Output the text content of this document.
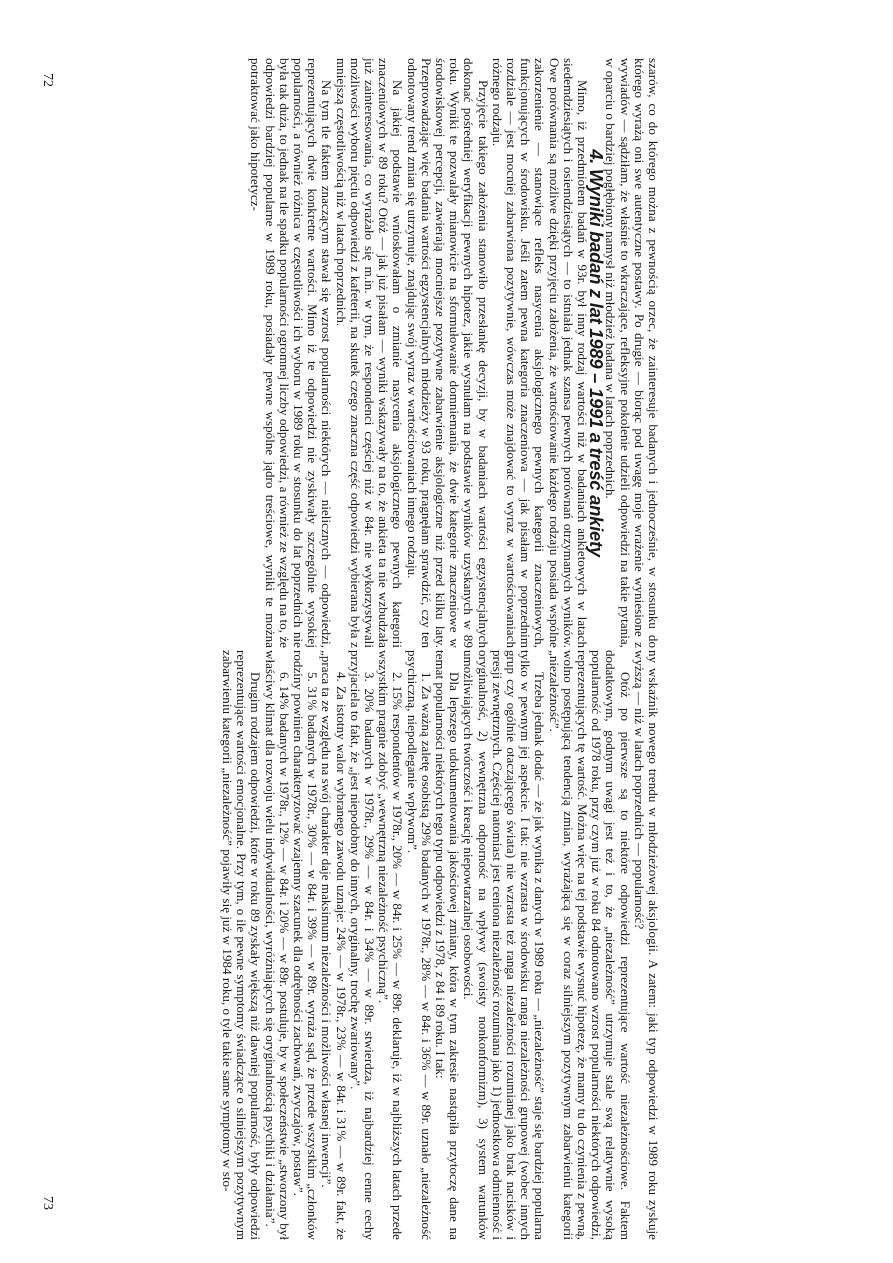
szarów, co do którego można z pewnością orzec, że zainteresuje badanych i jednocześnie, w stosunku do którego wyrażą oni swe autentyczne postawy. Po drugie — biorąc pod uwagę moje wrażenie wyniesione z wywiadów — sądziłam, że właśnie to wkraczające, refleksyjne pokolenie udzieli odpowiedzi na takie pytania, w oparciu o bardziej pogłębiony namysł niż młodzież badana w latach poprzednich.

4. Wyniki badań z lat 1989 – 1991 a treść ankiety

Mimo, iż przedmiotem badań w 93r. był inny rodzaj wartości niż w badaniach ankietowych w latach siedemdziesiątych i osiemdziesiątych — to istniała jednak szansa pewnych porównań otrzymanych wyników. Owe porównania są możliwe dzięki przyjęciu założenia, że wartościowanie każdego rodzaju posiada wspólne zakorzenienie — stanowiące refleks nasycenia aksjologicznego pewnych kategorii znaczeniowych, funkcjonujących w środowisku. Jeśli zatem pewna kategoria znaczeniowa — jak pisałam w poprzednim rozdziale — jest mocniej zabarwiona pozytywnie, wówczas może znajdować to wyraz w wartościowaniach różnego rodzaju.

Przyjęcie takiego założenia stanowiło przesłankę decyzji, by w badaniach wartości egzystencjalnych dokonać pośredniej weryfikacji pewnych hipotez, jakie wysnułam na podstawie wyników uzyskanych w 89 roku. Wyniki te pozwalały mianowicie na sformułowanie domniemania, że dwie kategorie znaczeniowe w środowiskowej percepcji, zawierają mocniejsze pozytywne zabarwienie aksjologiczne niż przed kilku laty. Przeprowadzając więc badania wartości egzystencjalnych młodzieży w 93 roku, pragnęłam sprawdzić, czy ten odnotowany trend zmian się utrzymuje, znajdując swój wyraz w wartościowaniach innego rodzaju.

Na jakiej podstawie wnioskowałam o zmianie nasycenia aksjologicznego pewnych kategorii znaczeniowych w 89 roku? Otóż — jak już pisałam — wyniki wskazywały na to, że ankieta ta nie wzbudzała już zainteresowania, co wyrażało się m.in. w tym, że respondenci częściej niż w 84r. nie wykorzystywali możliwości wyboru pięciu odpowiedzi z kafeterii, na skutek czego znaczna część odpowiedzi wybierana była z mniejszą częstotliwością niż w latach poprzednich.

Na tym tle faktem znaczącym stawał się wzrost popularności niektórych — nielicznych — odpowiedzi, reprezentujących dwie konkretne wartości. Mimo iż te odpowiedzi nie zyskiwały szczególnie wysokiej popularności, a również różnica w częstotliwości ich wyboru w 1989 roku w stosunku do lat poprzednich nie była tak duża, to jednak na tle spadku popularności ogromnej liczby odpowiedzi, a również ze względu na to, że odpowiedzi bardziej popularne w 1989 roku, posiadały pewne wspólne jądro treściowe, wyniki te można potraktować jako hipotetycz-

ny wskaźnik nowego trendu w młodzieżowej aksjologii. A zatem: jaki typ odpowiedzi w 1989 roku zyskuje wyższą — niż w latach poprzednich — popularność?

Otóż po pierwsze są to niektóre odpowiedzi reprezentujące wartość niezależnościowe. Faktem dodatkowym, godnym uwagi jest też i to, że „niezależność” utrzymuje stale swą relatywnie wysoką popularność od 1978 roku, przy czym już w roku 84 odnotowano wzrost popularności niektórych odpowiedzi, reprezentujących tę wartość. Można więc na tej podstawie wysnuć hipotezę, że mamy tu do czynienia z pewną, wolno postępującą tendencją zmian, wyrażającą się w coraz silniejszym pozytywnym zabarwieniu kategorii „niezależność”.

Trzeba jednak dodać — że jak wynika z danych w 1989 roku — „niezależność” staje się bardziej popularna tylko w pewnym jej aspekcie. I tak: nie wzrasta w środowisku ranga niezależności grupowej (wobec innych grup czy ogólnie otaczającego świata) nie wzrasta też ranga niezależności rozumianej jako brak nacisków i presji zewnętrznych. Częściej natomiast jest ceniona niezależność rozumiana jako 1) jednostkowa odmienność i oryginalność, 2) wewnętrzna odporność na wpływy (swoisty nonkonformizm), 3) system warunków umożliwiających twórczość i kreację niepowtarzalnej osobowości.

Dla lepszego udokumentowania jakościowej zmiany, która w tym zakresie nastąpiła przytoczę dane na temat popularności niektórych tego typu odpowiedzi z 1978, z 84 i 89 roku. I tak:

1. Za ważną zaletę osobistą 29% badanych w 1978r., 28% — w 84r. i 36% — w 89r. uznało „niezależność psychiczną, niepodleganie wpływom”.

2. 15% respondentów w 1978r., 20% — w 84r. i 25% — w 89r. deklaruje, iż w najbliższych latach przede wszystkim pragnie zdobyć „wewnętrzną niezależność psychiczną”.

3. 20% badanych w 1978r., 29% — w 84r. i 34% — w 89r. stwierdza, iż najbardziej cenne cechy przyjaciela to fakt, że „jest niepodobny do innych, oryginalny, trochę zwariowany”.

4. Za istotny walor wybranego zawodu uznaje: 24% — w 1978r., 23% — w 84r. i 31% — w 89r. fakt, że „praca ta ze względu na swój charakter daje maksimum niezależności i możliwości własnej inwencji”.

5. 31% badanych w 1978r., 30% — w 84r. i 39% — w 89r. wyraża sąd, że przede wszystkim „członków rodziny powinien charakteryzować wzajemny szacunek dla odrębności zachowań, zwyczajów, postaw”.

6. 14% badanych w 1978r., 12% — w 84r. i 20% — w 89r. postuluje, by w społeczeństwie „stworzony był właściwy klimat dla rozwoju wielu indywidualności, wyróżniających się oryginalnością psychiki i działania”.

Drugim rodzajem odpowiedzi, które w roku 89 zyskały większą niż dawniej popularność, były odpowiedzi reprezentujące wartości emocjonalne. Przy tym, o ile pewne symptomy świadczące o silniejszym pozytywnym zabarwieniu kategorii „niezależność” pojawiły się już w 1984 roku, o tyle takie same symptomy w sto-

72
73
